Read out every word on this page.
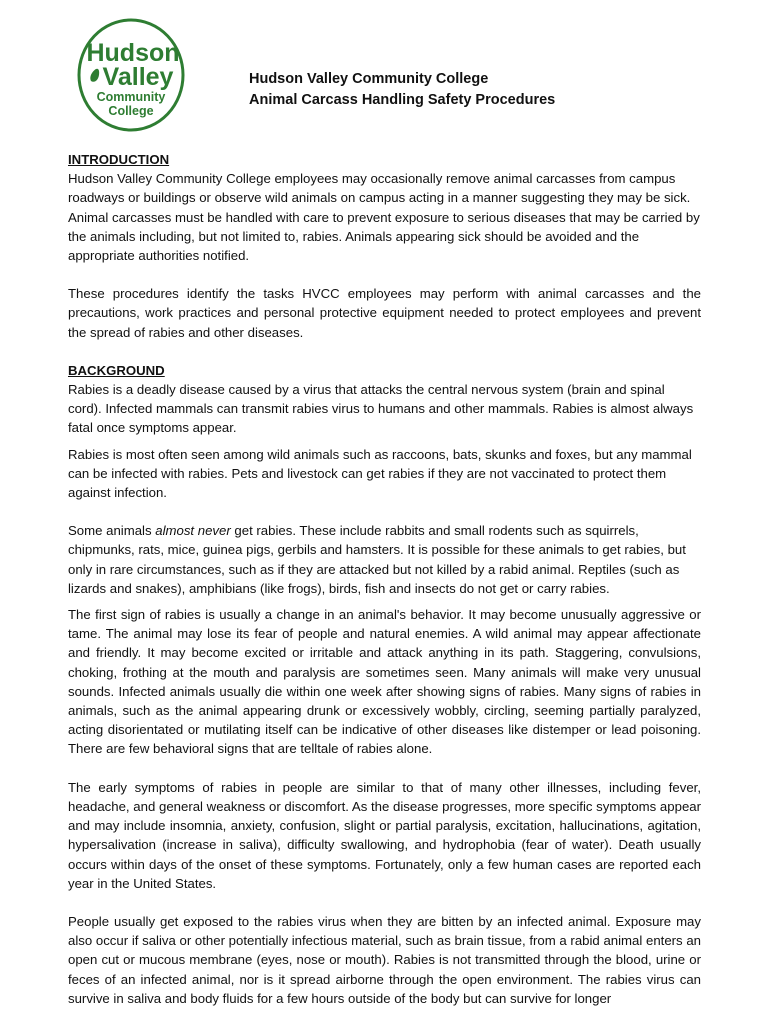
Hudson
Valley
Community
College
Hudson Valley Community College
Animal Carcass Handling Safety Procedures

INTRODUCTION

Hudson Valley Community College employees may occasionally remove animal carcasses from campus roadways or buildings or observe wild animals on campus acting in a manner suggesting they may be sick. Animal carcasses must be handled with care to prevent exposure to serious diseases that may be carried by the animals including, but not limited to, rabies. Animals appearing sick should be avoided and the appropriate authorities notified.

These procedures identify the tasks HVCC employees may perform with animal carcasses and the precautions, work practices and personal protective equipment needed to protect employees and prevent the spread of rabies and other diseases.

BACKGROUND

Rabies is a deadly disease caused by a virus that attacks the central nervous system (brain and spinal cord). Infected mammals can transmit rabies virus to humans and other mammals. Rabies is almost always fatal once symptoms appear.

Rabies is most often seen among wild animals such as raccoons, bats, skunks and foxes, but any mammal can be infected with rabies. Pets and livestock can get rabies if they are not vaccinated to protect them against infection.

Some animals almost never get rabies. These include rabbits and small rodents such as squirrels, chipmunks, rats, mice, guinea pigs, gerbils and hamsters. It is possible for these animals to get rabies, but only in rare circumstances, such as if they are attacked but not killed by a rabid animal. Reptiles (such as lizards and snakes), amphibians (like frogs), birds, fish and insects do not get or carry rabies.

The first sign of rabies is usually a change in an animal's behavior. It may become unusually aggressive or tame. The animal may lose its fear of people and natural enemies. A wild animal may appear affectionate and friendly. It may become excited or irritable and attack anything in its path. Staggering, convulsions, choking, frothing at the mouth and paralysis are sometimes seen. Many animals will make very unusual sounds. Infected animals usually die within one week after showing signs of rabies. Many signs of rabies in animals, such as the animal appearing drunk or excessively wobbly, circling, seeming partially paralyzed, acting disorientated or mutilating itself can be indicative of other diseases like distemper or lead poisoning. There are few behavioral signs that are telltale of rabies alone.

The early symptoms of rabies in people are similar to that of many other illnesses, including fever, headache, and general weakness or discomfort. As the disease progresses, more specific symptoms appear and may include insomnia, anxiety, confusion, slight or partial paralysis, excitation, hallucinations, agitation, hypersalivation (increase in saliva), difficulty swallowing, and hydrophobia (fear of water). Death usually occurs within days of the onset of these symptoms. Fortunately, only a few human cases are reported each year in the United States.

People usually get exposed to the rabies virus when they are bitten by an infected animal. Exposure may also occur if saliva or other potentially infectious material, such as brain tissue, from a rabid animal enters an open cut or mucous membrane (eyes, nose or mouth). Rabies is not transmitted through the blood, urine or feces of an infected animal, nor is it spread airborne through the open environment. The rabies virus can survive in saliva and body fluids for a few hours outside of the body but can survive for longer
